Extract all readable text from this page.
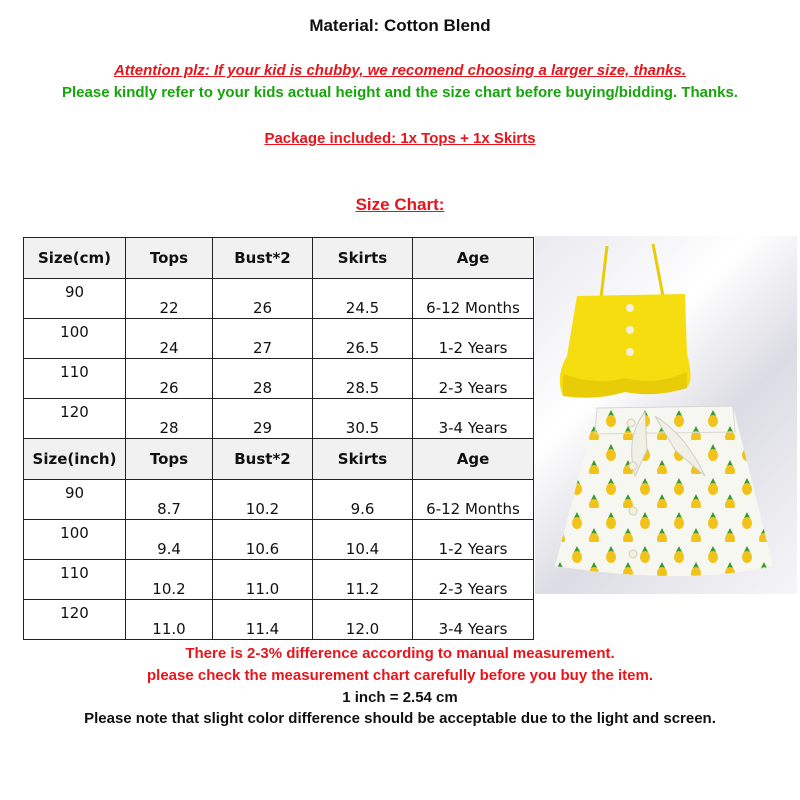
Material: Cotton Blend
Attention plz: If your kid is chubby, we recomend choosing a larger size, thanks.
Please kindly refer to your kids actual height and the size chart before buying/bidding. Thanks.
Package included: 1x Tops + 1x Skirts
Size Chart:
Size(cm)	Tops	Bust*2	Skirts	Age
90	22	26	24.5	6-12 Months
100	24	27	26.5	1-2 Years
110	26	28	28.5	2-3 Years
120	28	29	30.5	3-4 Years
Size(inch)	Tops	Bust*2	Skirts	Age
90	8.7	10.2	9.6	6-12 Months
100	9.4	10.6	10.4	1-2 Years
110	10.2	11.0	11.2	2-3 Years
120	11.0	11.4	12.0	3-4 Years
There is 2-3% difference according to manual measurement.
please check the measurement chart carefully before you buy the item.
1 inch = 2.54 cm
Please note that slight color difference should be acceptable due to the light and screen.
